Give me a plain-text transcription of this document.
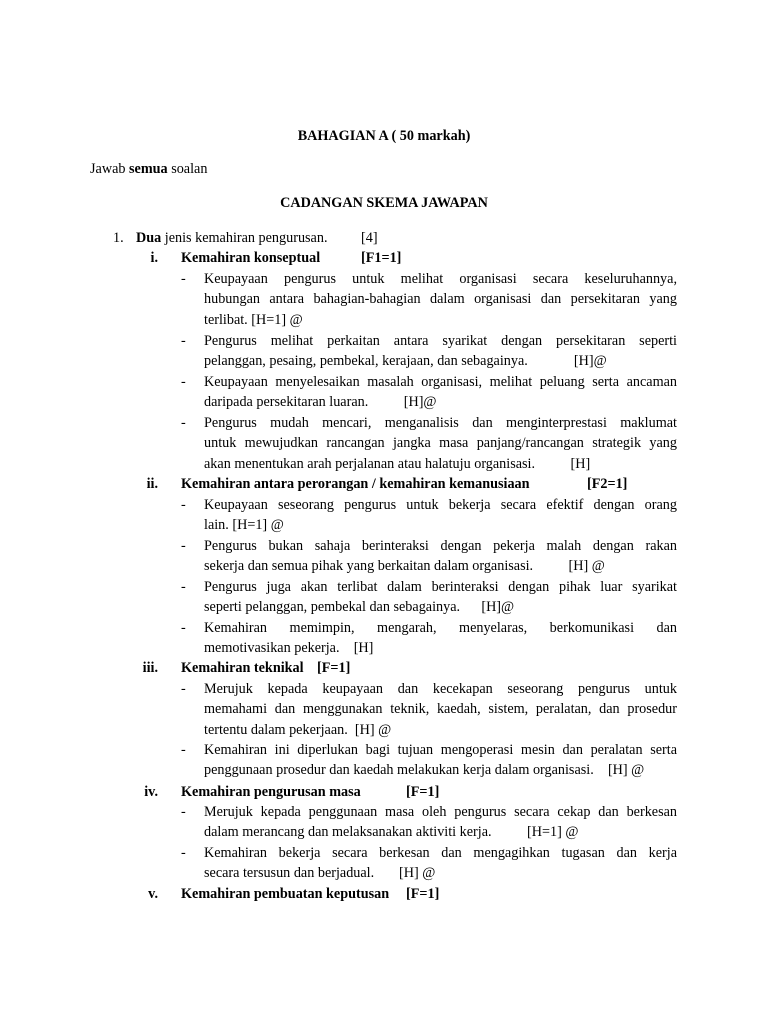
BAHAGIAN A ( 50 markah)
Jawab semua soalan
CADANGAN SKEMA JAWAPAN
1. Dua jenis kemahiran pengurusan. [4]
i. Kemahiran konseptual	[F1=1]
- Keupayaan pengurus untuk melihat organisasi secara keseluruhannya,
hubungan antara bahagian-bahagian dalam organisasi dan persekitaran yang
terlibat. [H=1] @
- Pengurus melihat perkaitan antara syarikat dengan persekitaran seperti
pelanggan, pesaing, pembekal, kerajaan, dan sebagainya.             [H]@
- Keupayaan menyelesaikan masalah organisasi, melihat peluang serta ancaman
daripada persekitaran luaran.          [H]@
- Pengurus mudah mencari, menganalisis dan menginterprestasi maklumat
untuk mewujudkan rancangan jangka masa panjang/rancangan strategik yang
akan menentukan arah perjalanan atau halatuju organisasi.          [H]
ii. Kemahiran antara perorangan / kemahiran kemanusiaan	[F2=1]
- Keupayaan seseorang pengurus untuk bekerja secara efektif dengan orang
lain. [H=1] @
- Pengurus bukan sahaja berinteraksi dengan pekerja malah dengan rakan
sekerja dan semua pihak yang berkaitan dalam organisasi.          [H] @
- Pengurus juga akan terlibat dalam berinteraksi dengan pihak luar syarikat
seperti pelanggan, pembekal dan sebagainya.      [H]@
- Kemahiran memimpin, mengarah, menyelaras, berkomunikasi dan
memotivasikan pekerja.    [H]
iii. Kemahiran teknikal [F=1]
- Merujuk kepada keupayaan dan kecekapan seseorang pengurus untuk
memahami dan menggunakan teknik, kaedah, sistem, peralatan, dan prosedur
tertentu dalam pekerjaan.  [H] @
- Kemahiran ini diperlukan bagi tujuan mengoperasi mesin dan peralatan serta
penggunaan prosedur dan kaedah melakukan kerja dalam organisasi.    [H] @
iv. Kemahiran pengurusan masa	[F=1]
- Merujuk kepada penggunaan masa oleh pengurus secara cekap dan berkesan
dalam merancang dan melaksanakan aktiviti kerja.          [H=1] @
- Kemahiran bekerja secara berkesan dan mengagihkan tugasan dan kerja
secara tersusun dan berjadual.       [H] @
v. Kemahiran pembuatan keputusan [F=1]
